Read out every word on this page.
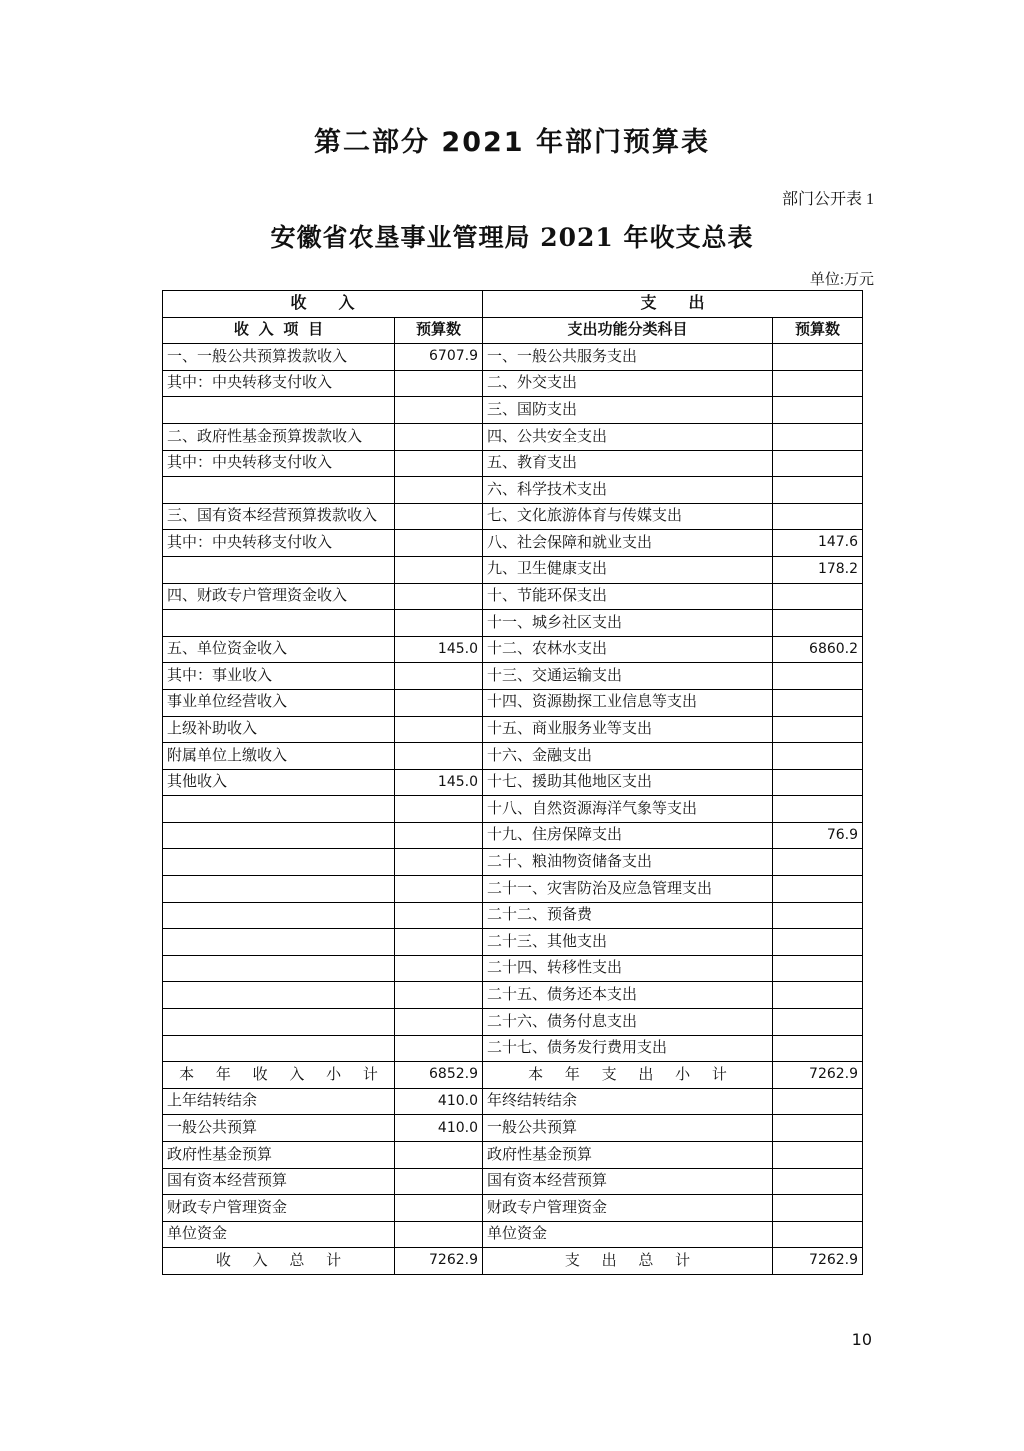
第二部分 2021 年部门预算表
部门公开表 1
安徽省农垦事业管理局 2021 年收支总表
单位:万元
收 入		支 出	
收 入 项 目	预算数	支出功能分类科目	预算数
一、一般公共预算拨款收入	6707.9	一、一般公共服务支出	
其中：中央转移支付收入		二、外交支出	
		三、国防支出	
二、政府性基金预算拨款收入		四、公共安全支出	
其中：中央转移支付收入		五、教育支出	
		六、科学技术支出	
三、国有资本经营预算拨款收入		七、文化旅游体育与传媒支出	
其中：中央转移支付收入		八、社会保障和就业支出	147.6
		九、卫生健康支出	178.2
四、财政专户管理资金收入		十、节能环保支出	
		十一、城乡社区支出	
五、单位资金收入	145.0	十二、农林水支出	6860.2
其中：事业收入		十三、交通运输支出	
事业单位经营收入		十四、资源勘探工业信息等支出	
上级补助收入		十五、商业服务业等支出	
附属单位上缴收入		十六、金融支出	
其他收入	145.0	十七、援助其他地区支出	
		十八、自然资源海洋气象等支出	
		十九、住房保障支出	76.9
		二十、粮油物资储备支出	
		二十一、灾害防治及应急管理支出	
		二十二、预备费	
		二十三、其他支出	
		二十四、转移性支出	
		二十五、债务还本支出	
		二十六、债务付息支出	
		二十七、债务发行费用支出	
本 年 收 入 小 计	6852.9	本 年 支 出 小 计	7262.9
上年结转结余	410.0	年终结转结余	
一般公共预算	410.0	一般公共预算	
政府性基金预算		政府性基金预算	
国有资本经营预算		国有资本经营预算	
财政专户管理资金		财政专户管理资金	
单位资金		单位资金	
收 入 总 计	7262.9	支 出 总 计	7262.9
10
